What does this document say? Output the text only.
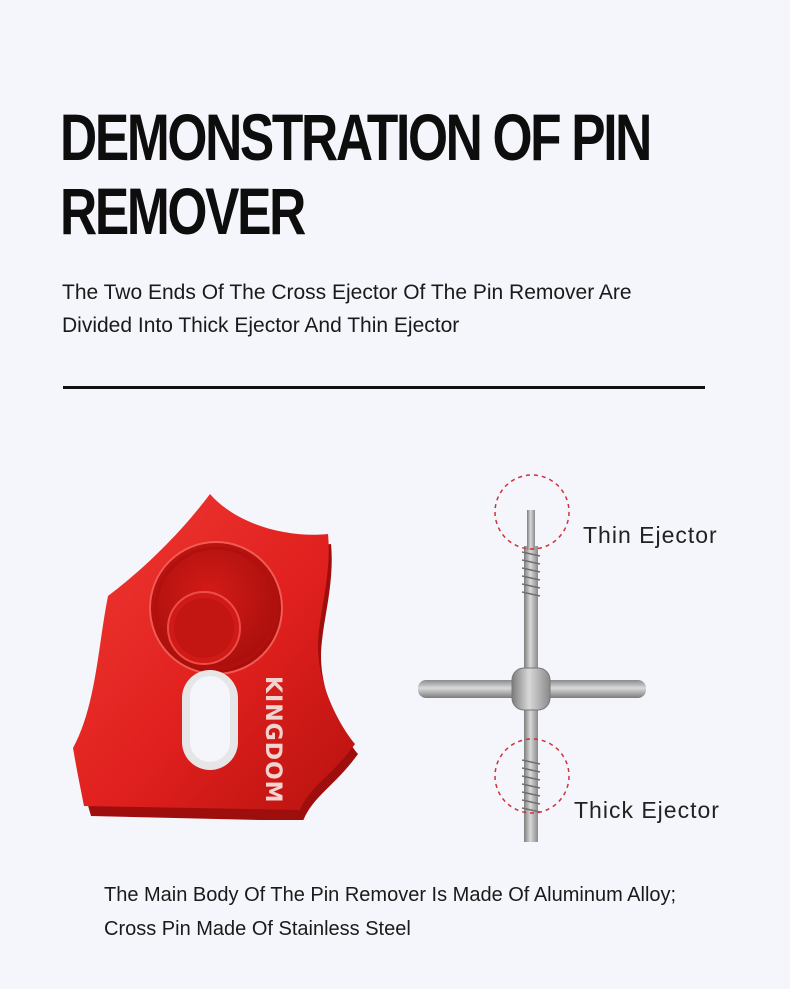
DEMONSTRATION OF PIN
REMOVER

The Two Ends Of The Cross Ejector Of The Pin Remover Are
Divided Into Thick Ejector And Thin Ejector

KINGDOM
Thin Ejector
Thick Ejector

The Main Body Of The Pin Remover Is Made Of Aluminum Alloy;
Cross Pin Made Of Stainless Steel
